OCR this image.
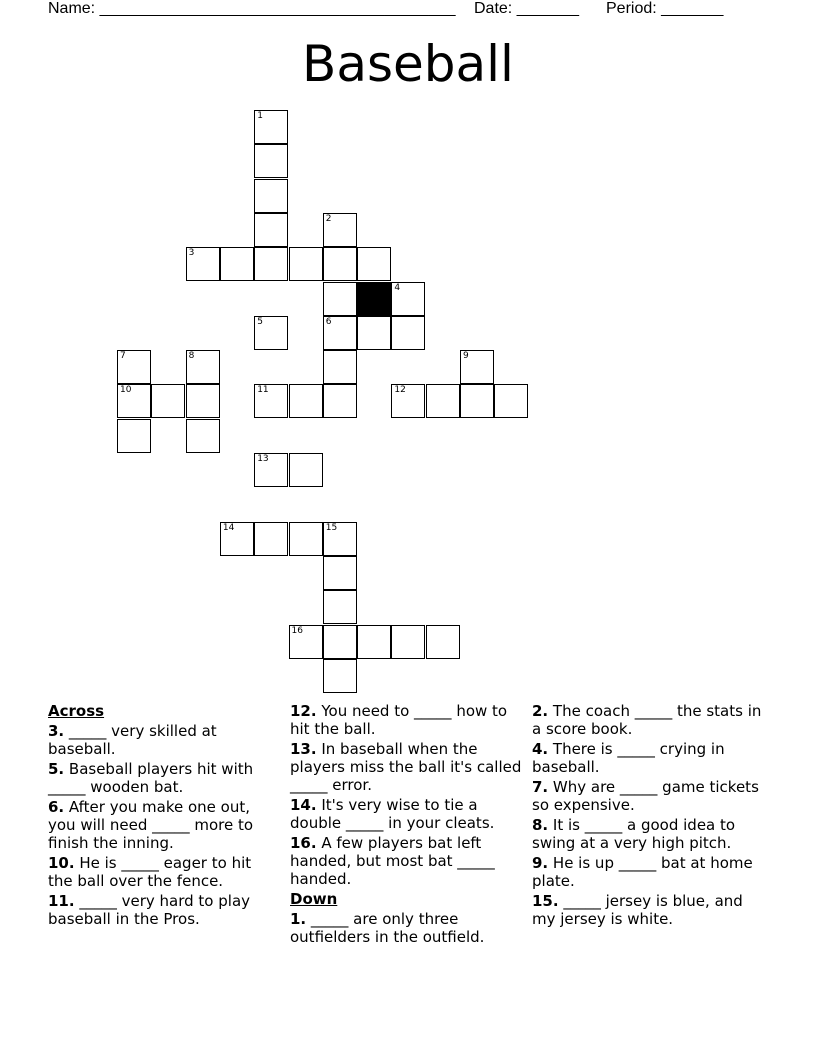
Name: ________________________________________ Date: _______ Period: _______
Baseball
1
2
3
4
5	6
7	8	9
10	11	12
13
14	15
16
Across
3. _____ very skilled at baseball.
5. Baseball players hit with _____ wooden bat.
6. After you make one out, you will need _____ more to finish the inning.
10. He is _____ eager to hit the ball over the fence.
11. _____ very hard to play baseball in the Pros.
12. You need to _____ how to hit the ball.
13. In baseball when the players miss the ball it's called _____ error.
14. It's very wise to tie a double _____ in your cleats.
16. A few players bat left handed, but most bat _____ handed.
Down
1. _____ are only three outfielders in the outfield.
2. The coach _____ the stats in a score book.
4. There is _____ crying in baseball.
7. Why are _____ game tickets so expensive.
8. It is _____ a good idea to swing at a very high pitch.
9. He is up _____ bat at home plate.
15. _____ jersey is blue, and my jersey is white.
